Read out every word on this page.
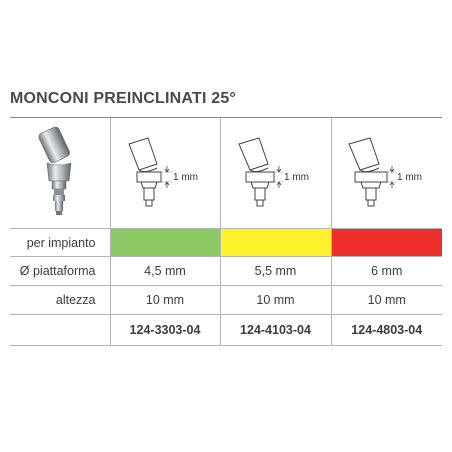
MONCONI PREINCLINATI 25°

1 mm	1 mm	1 mm

per impianto			
Ø piattaforma	4,5 mm	5,5 mm	6 mm
altezza	10 mm	10 mm	10 mm
	124-3303-04	124-4103-04	124-4803-04
